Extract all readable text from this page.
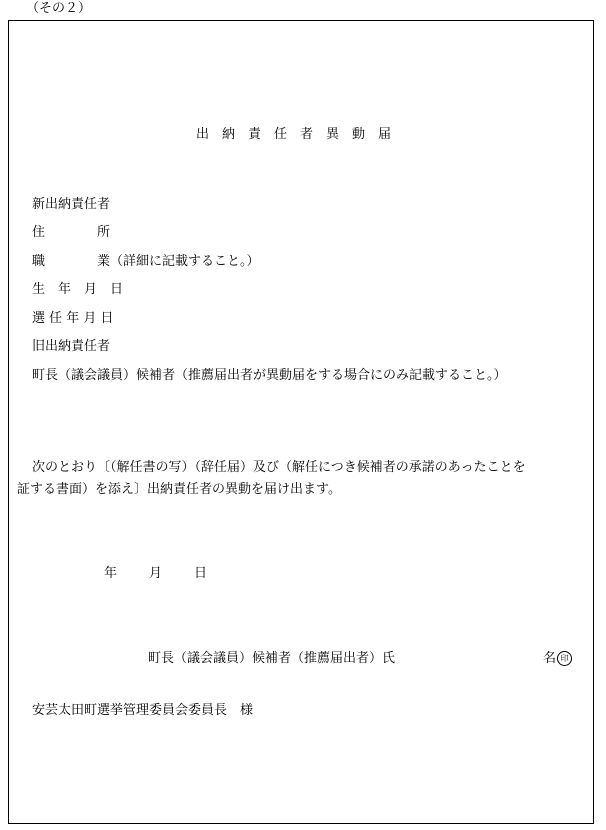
（その２）
出　納　責　任　者　異　動　届
新出納責任者
住　　　　所
職　　　　業（詳細に記載すること。）
生　年　月　日
選 任 年 月 日
旧出納責任者
町長（議会議員）候補者（推薦届出者が異動届をする場合にのみ記載すること。）
次のとおり〔（解任書の写）（辞任届）及び（解任につき候補者の承諾のあったことを
証する書面）を添え〕出納責任者の異動を届け出ます。
年 月 日
町長（議会議員）候補者（推薦届出者）氏	名 印
安芸太田町選挙管理委員会委員長　様
